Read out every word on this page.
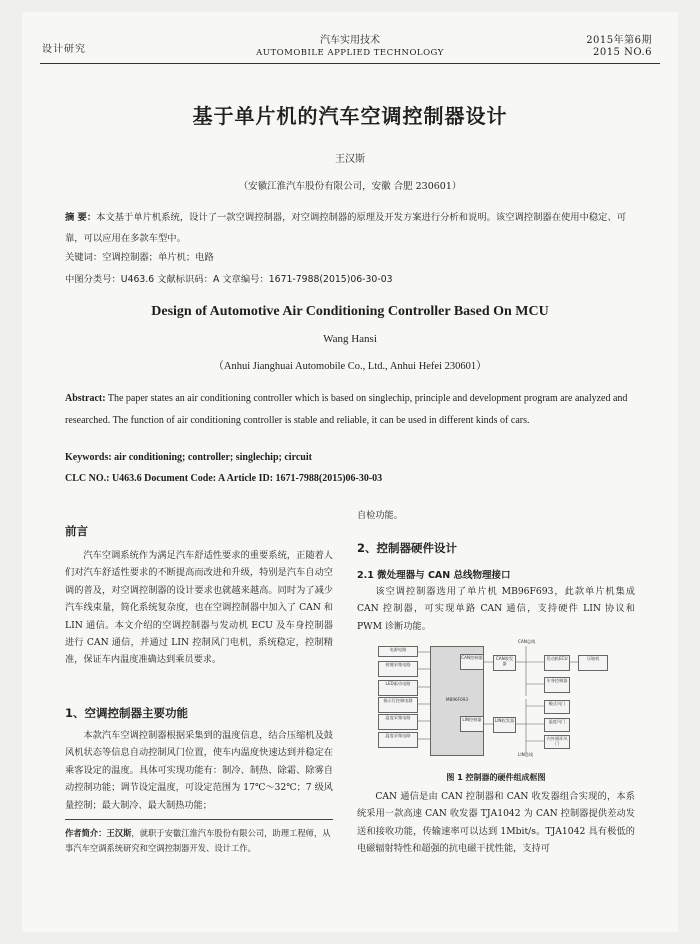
设计研究
汽车实用技术
AUTOMOBILE APPLIED TECHNOLOGY
2015年第6期
2015 NO.6
基于单片机的汽车空调控制器设计
王汉斯
（安徽江淮汽车股份有限公司，安徽 合肥 230601）
摘 要：本文基于单片机系统，设计了一款空调控制器，对空调控制器的原理及开发方案进行分析和说明。该空调控制器在使用中稳定、可靠，可以应用在多款车型中。
关键词：空调控制器；单片机；电路
中图分类号：U463.6 文献标识码：A 文章编号：1671-7988(2015)06-30-03
Design of Automotive Air Conditioning Controller Based On MCU
Wang Hansi
（Anhui Jianghuai Automobile Co., Ltd., Anhui Hefei 230601）
Abstract: The paper states an air conditioning controller which is based on singlechip, principle and development program are analyzed and researched. The function of air conditioning controller is stable and reliable, it can be used in different kinds of cars.
Keywords: air conditioning; controller; singlechip; circuit
CLC NO.: U463.6 Document Code: A Article ID: 1671-7988(2015)06-30-03
前言
汽车空调系统作为满足汽车舒适性要求的重要系统，正随着人们对汽车舒适性要求的不断提高而改进和升级，特别是汽车自动空调的普及，对空调控制器的设计要求也就越来越高。同时为了减少汽车线束量，简化系统复杂度，也在空调控制器中加入了 CAN 和 LIN 通信。本文介绍的空调控制器与发动机 ECU 及车身控制器进行 CAN 通信，并通过 LIN 控制风门电机，系统稳定，控制精准，保证车内温度准确达到乘员要求。
1、空调控制器主要功能
本款汽车空调控制器根据采集到的温度信息，结合压缩机及鼓风机状态等信息自动控制风门位置，使车内温度快速达到并稳定在乘客设定的温度。具体可实现功能有：制冷、制热、除霜、除雾自动控制功能；调节设定温度，可设定范围为 17℃～32℃；7 级风量控制；最大制冷、最大制热功能；
作者简介：王汉斯，就职于安徽江淮汽车股份有限公司，助理工程师，从事汽车空调系统研究和空调控制器开发、设计工作。
自检功能。
2、控制器硬件设计
2.1 微处理器与 CAN 总线物理接口
该空调控制器选用了单片机 MB96F693，此款单片机集成 CAN 控制器，可实现单路 CAN 通信，支持硬件 LIN 协议和 PWM 诊断功能。
电源电路
按键采集电路
LED驱动电路
指示灯控制电路
温度采集电路
温度采集电路
MB96F693
CAN控制器
LIN控制器
CAN收发器
LIN收发器
CAN总线
LIN总线
发动机ECU
车身控制器
压缩机
模式风门
温度风门
内外循环风门
图 1 控制器的硬件组成框图
CAN 通信是由 CAN 控制器和 CAN 收发器组合实现的，本系统采用一款高速 CAN 收发器 TJA1042 为 CAN 控制器提供差动发送和接收功能，传输速率可以达到 1Mbit/s。TJA1042 具有极低的电磁辐射特性和超强的抗电磁干扰性能，支持可
